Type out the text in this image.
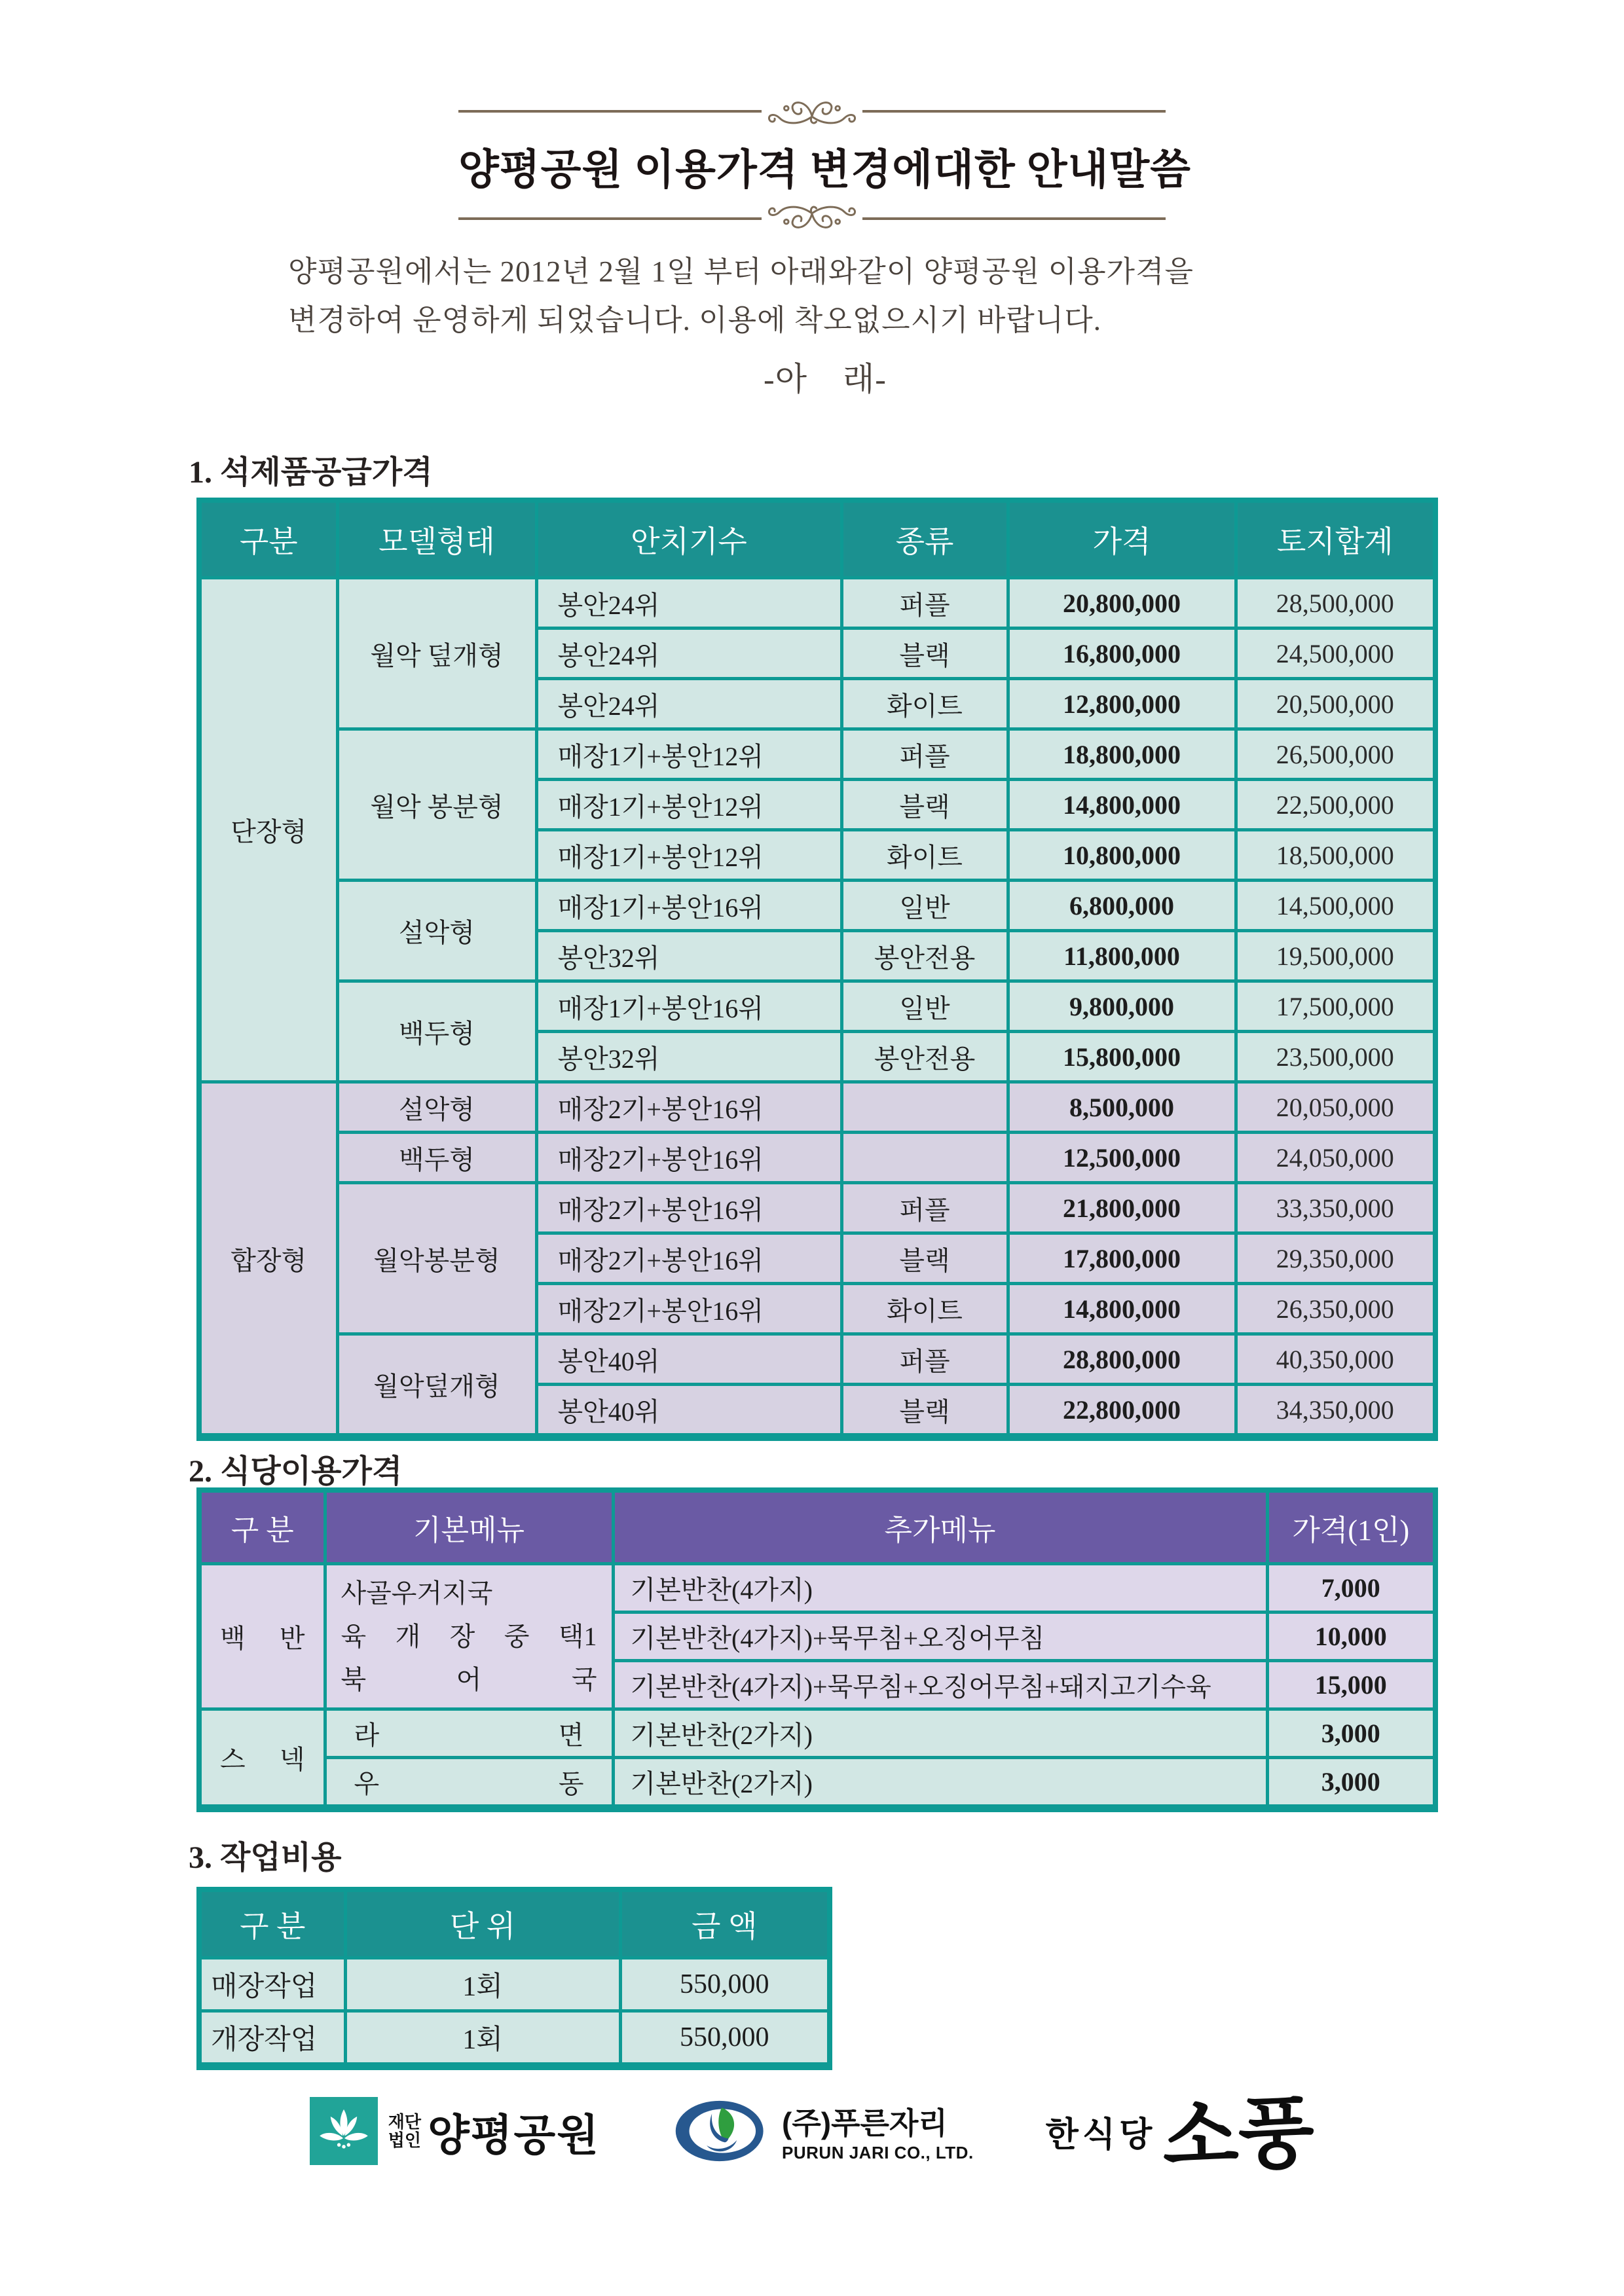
양평공원 이용가격 변경에대한 안내말씀
양평공원에서는 2012년 2월 1일 부터 아래와같이 양평공원 이용가격을
변경하여 운영하게 되었습니다. 이용에 착오없으시기 바랍니다.
-아    래-
1. 석제품공급가격
구분	모델형태	안치기수	종류	가격	토지합계
단장형	월악 덮개형	봉안24위	퍼플	20,800,000	28,500,000
		봉안24위	블랙	16,800,000	24,500,000
		봉안24위	화이트	12,800,000	20,500,000
	월악 봉분형	매장1기+봉안12위	퍼플	18,800,000	26,500,000
		매장1기+봉안12위	블랙	14,800,000	22,500,000
		매장1기+봉안12위	화이트	10,800,000	18,500,000
	설악형	매장1기+봉안16위	일반	6,800,000	14,500,000
		봉안32위	봉안전용	11,800,000	19,500,000
	백두형	매장1기+봉안16위	일반	9,800,000	17,500,000
		봉안32위	봉안전용	15,800,000	23,500,000
합장형	설악형	매장2기+봉안16위		8,500,000	20,050,000
	백두형	매장2기+봉안16위		12,500,000	24,050,000
	월악봉분형	매장2기+봉안16위	퍼플	21,800,000	33,350,000
		매장2기+봉안16위	블랙	17,800,000	29,350,000
		매장2기+봉안16위	화이트	14,800,000	26,350,000
	월악덮개형	봉안40위	퍼플	28,800,000	40,350,000
		봉안40위	블랙	22,800,000	34,350,000
2. 식당이용가격
구 분	기본메뉴	추가메뉴	가격(1인)
백 반	사골우거지국
육 개 장 중 택1
북 어 국	기본반찬(4가지)	7,000
		기본반찬(4가지)+묵무침+오징어무침	10,000
		기본반찬(4가지)+묵무침+오징어무침+돼지고기수육	15,000
스 넥	라 면	기본반찬(2가지)	3,000
	우 동	기본반찬(2가지)	3,000
3. 작업비용
구 분	단 위	금 액
매장작업	1회	550,000
개장작업	1회	550,000
재단
법인 양평공원	(주)푸른자리
PURUN JARI CO., LTD. 한식당 소풍
